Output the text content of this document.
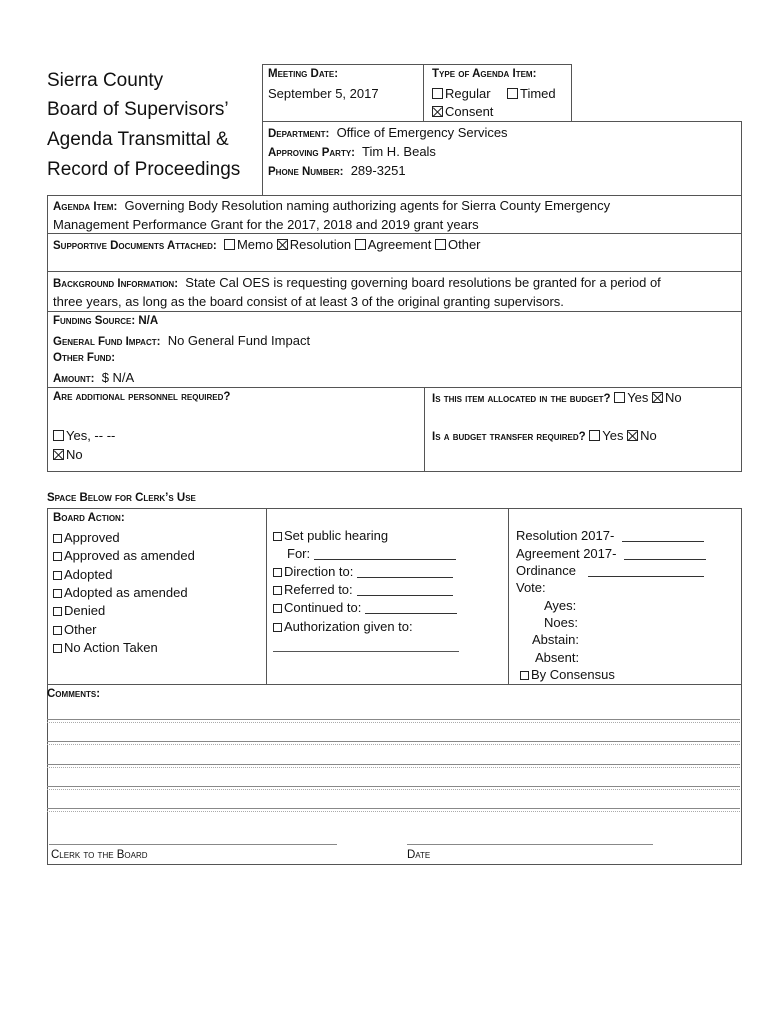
Sierra County
Board of Supervisors’
Agenda Transmittal &
Record of Proceedings
Meeting Date:
September 5, 2017
Type of Agenda Item:
Regular	Timed
Consent
Department: Office of Emergency Services
Approving Party: Tim H. Beals
Phone Number: 289-3251
Agenda Item: Governing Body Resolution naming authorizing agents for Sierra County Emergency
Management Performance Grant for the 2017, 2018 and 2019 grant years
Supportive Documents Attached: Memo Resolution Agreement Other
Background Information: State Cal OES is requesting governing board resolutions be granted for a period of
three years, as long as the board consist of at least 3 of the original granting supervisors.
Funding Source: N/A
General Fund Impact: No General Fund Impact
Other Fund:
Amount: $ N/A
Are additional personnel required?
Yes, -- --
No
Is this item allocated in the budget? Yes No
Is a budget transfer required? Yes No
Space Below for Clerk’s Use
Board Action:
Approved
Approved as amended
Adopted
Adopted as amended
Denied
Other
No Action Taken
Set public hearing
For:
Direction to:
Referred to:
Continued to:
Authorization given to:
Resolution 2017-
Agreement 2017-
Ordinance
Vote:
Ayes:
Noes:
Abstain:
Absent:
By Consensus
Comments:
Clerk to the Board	Date
